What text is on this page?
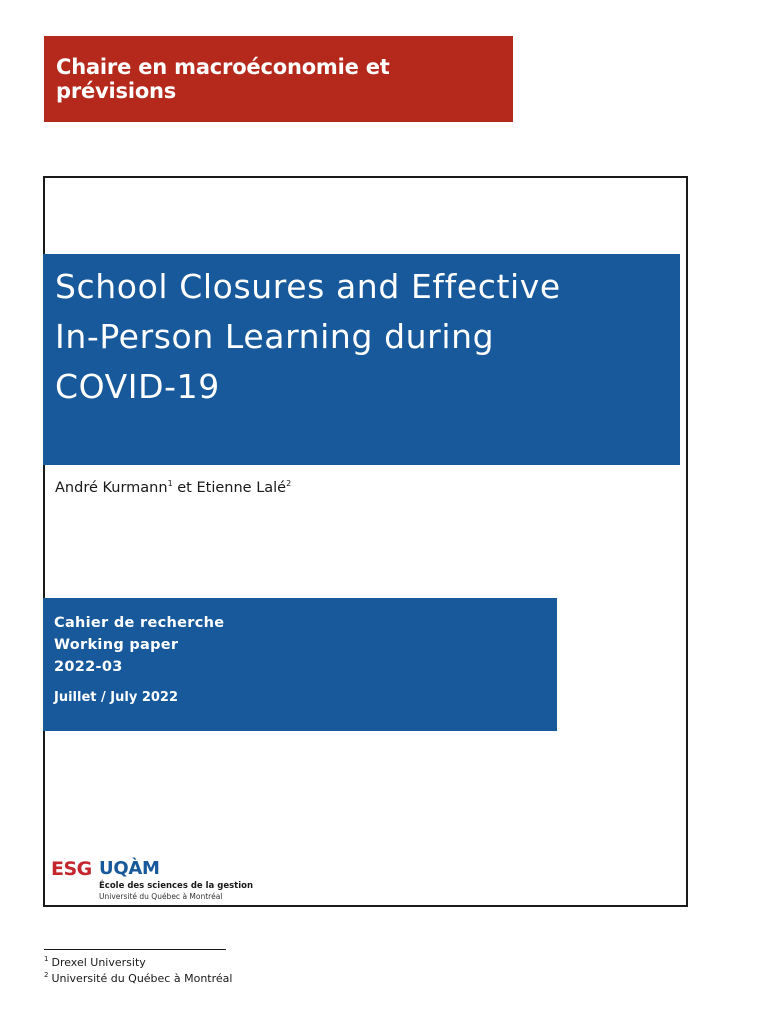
Chaire en macroéconomie et prévisions
School Closures and Effective
In-Person Learning during
COVID-19
André Kurmann$^1$ et Etienne Lalé$^2$
Cahier de recherche
Working paper
2022-03
Juillet / July 2022
ESG UQÀM
École des sciences de la gestion
Université du Québec à Montréal
$^1$ Drexel University
$^2$ Université du Québec à Montréal
